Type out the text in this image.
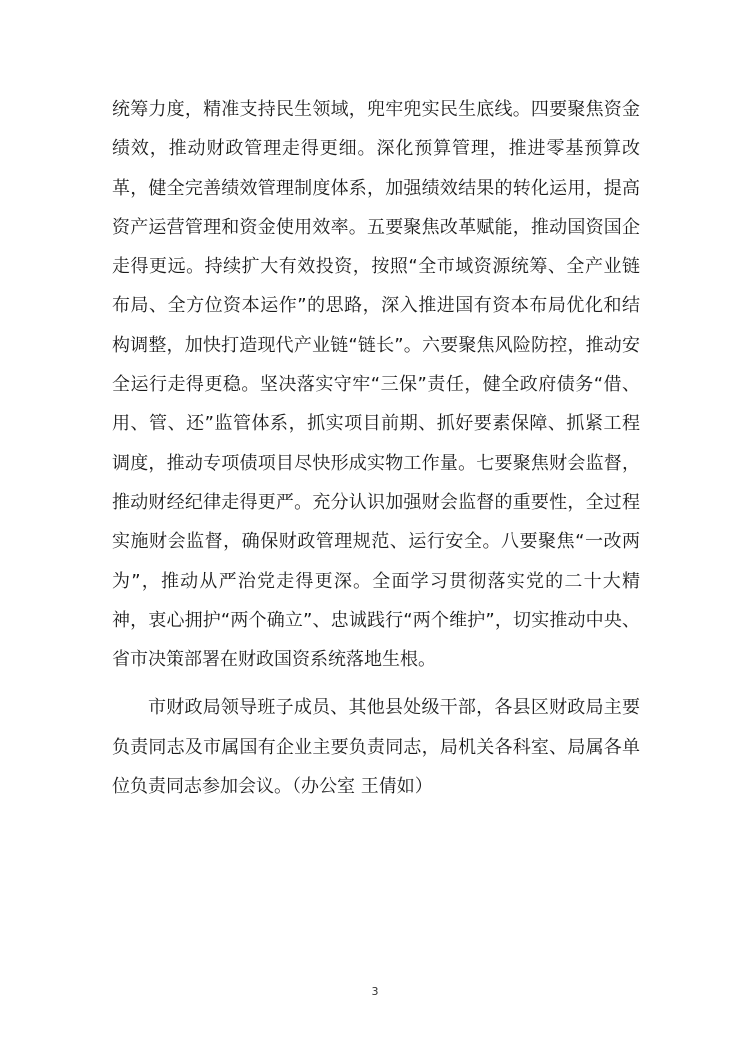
统筹力度，精准支持民生领域，兜牢兜实民生底线。四要聚焦资金绩效，推动财政管理走得更细。深化预算管理，推进零基预算改革，健全完善绩效管理制度体系，加强绩效结果的转化运用，提高资产运营管理和资金使用效率。五要聚焦改革赋能，推动国资国企走得更远。持续扩大有效投资，按照“全市域资源统筹、全产业链布局、全方位资本运作”的思路，深入推进国有资本布局优化和结构调整，加快打造现代产业链“链长”。六要聚焦风险防控，推动安全运行走得更稳。坚决落实守牢“三保”责任，健全政府债务“借、用、管、还”监管体系，抓实项目前期、抓好要素保障、抓紧工程调度，推动专项债项目尽快形成实物工作量。七要聚焦财会监督，推动财经纪律走得更严。充分认识加强财会监督的重要性，全过程实施财会监督，确保财政管理规范、运行安全。八要聚焦“一改两为”，推动从严治党走得更深。全面学习贯彻落实党的二十大精神，衷心拥护“两个确立”、忠诚践行“两个维护”，切实推动中央、省市决策部署在财政国资系统落地生根。

市财政局领导班子成员、其他县处级干部，各县区财政局主要负责同志及市属国有企业主要负责同志，局机关各科室、局属各单位负责同志参加会议。（办公室 王倩如）

3
